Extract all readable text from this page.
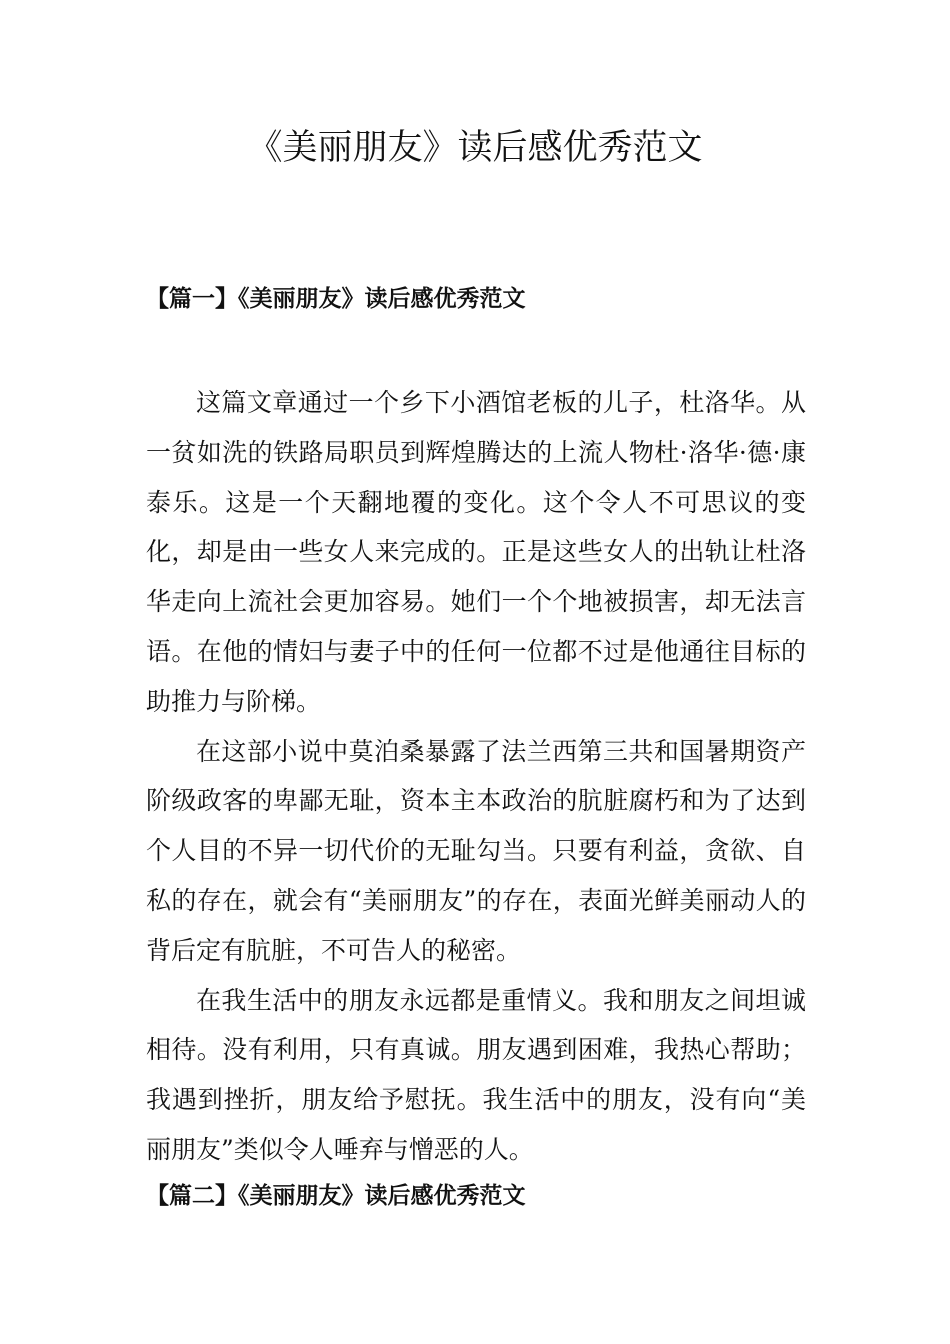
《美丽朋友》读后感优秀范文
【篇一】《美丽朋友》读后感优秀范文

这篇文章通过一个乡下小酒馆老板的儿子，杜洛华。从一贫如洗的铁路局职员到辉煌腾达的上流人物杜·洛华·德·康泰乐。这是一个天翻地覆的变化。这个令人不可思议的变化，却是由一些女人来完成的。正是这些女人的出轨让杜洛华走向上流社会更加容易。她们一个个地被损害，却无法言语。在他的情妇与妻子中的任何一位都不过是他通往目标的助推力与阶梯。

在这部小说中莫泊桑暴露了法兰西第三共和国暑期资产阶级政客的卑鄙无耻，资本主本政治的肮脏腐朽和为了达到个人目的不异一切代价的无耻勾当。只要有利益，贪欲、自私的存在，就会有“美丽朋友”的存在，表面光鲜美丽动人的背后定有肮脏，不可告人的秘密。

在我生活中的朋友永远都是重情义。我和朋友之间坦诚相待。没有利用，只有真诚。朋友遇到困难，我热心帮助；我遇到挫折，朋友给予慰抚。我生活中的朋友，没有向“美丽朋友”类似令人唾弃与憎恶的人。

【篇二】《美丽朋友》读后感优秀范文
